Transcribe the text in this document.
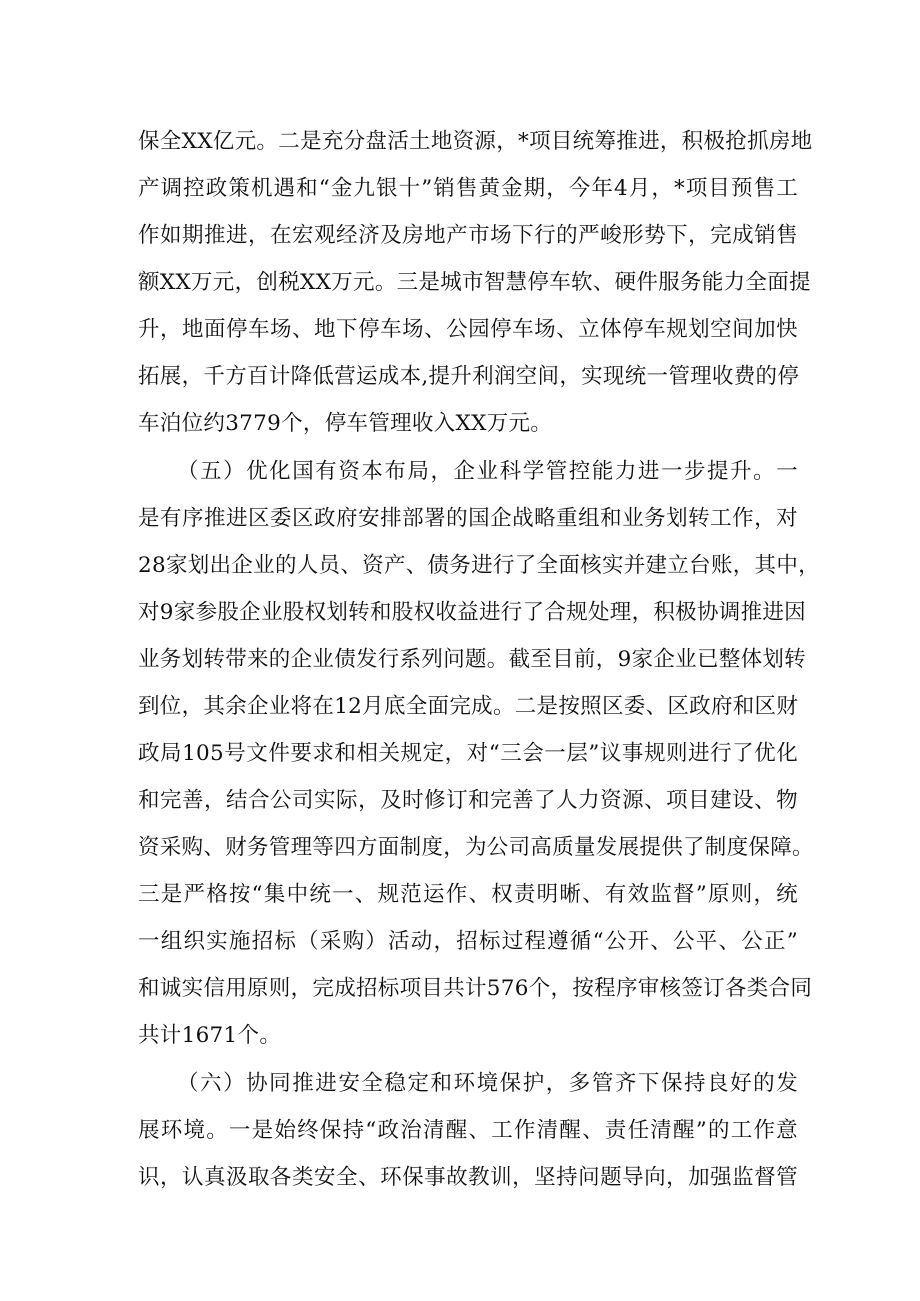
保全XX亿元。二是充分盘活土地资源，*项目统筹推进，积极抢抓房地
产调控政策机遇和“金九银十”销售黄金期，今年4月，*项目预售工
作如期推进，在宏观经济及房地产市场下行的严峻形势下，完成销售
额XX万元，创税XX万元。三是城市智慧停车软、硬件服务能力全面提
升，地面停车场、地下停车场、公园停车场、立体停车规划空间加快
拓展，千方百计降低营运成本,提升利润空间，实现统一管理收费的停
车泊位约3779个，停车管理收入XX万元。
（五）优化国有资本布局，企业科学管控能力进一步提升。一
是有序推进区委区政府安排部署的国企战略重组和业务划转工作，对
28家划出企业的人员、资产、债务进行了全面核实并建立台账，其中，
对9家参股企业股权划转和股权收益进行了合规处理，积极协调推进因
业务划转带来的企业债发行系列问题。截至目前，9家企业已整体划转
到位，其余企业将在12月底全面完成。二是按照区委、区政府和区财
政局105号文件要求和相关规定，对“三会一层”议事规则进行了优化
和完善，结合公司实际，及时修订和完善了人力资源、项目建设、物
资采购、财务管理等四方面制度，为公司高质量发展提供了制度保障。
三是严格按“集中统一、规范运作、权责明晰、有效监督”原则，统
一组织实施招标（采购）活动，招标过程遵循“公开、公平、公正”
和诚实信用原则，完成招标项目共计576个，按程序审核签订各类合同
共计1671个。
（六）协同推进安全稳定和环境保护，多管齐下保持良好的发
展环境。一是始终保持“政治清醒、工作清醒、责任清醒”的工作意
识，认真汲取各类安全、环保事故教训，坚持问题导向，加强监督管
